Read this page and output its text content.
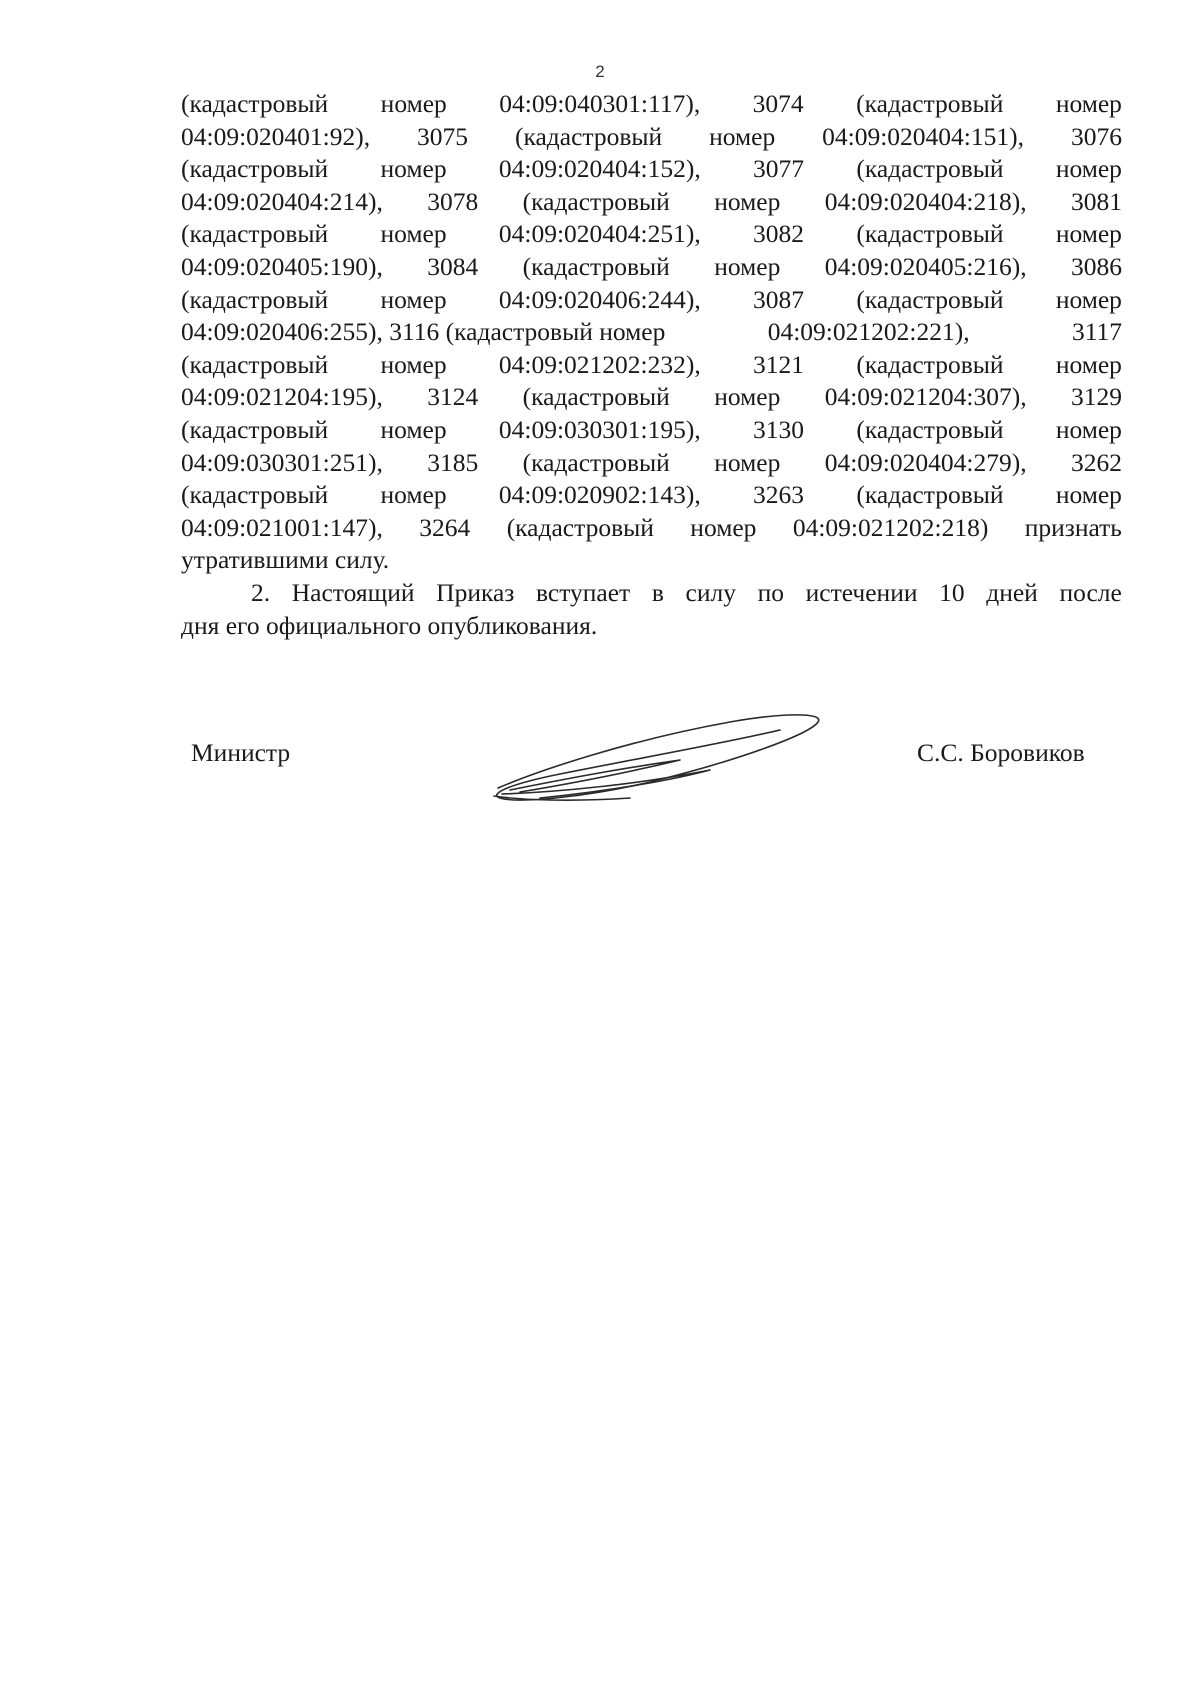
2
(кадастровый номер 04:09:040301:117), 3074 (кадастровый номер
04:09:020401:92), 3075 (кадастровый номер 04:09:020404:151), 3076
(кадастровый номер 04:09:020404:152), 3077 (кадастровый номер
04:09:020404:214), 3078 (кадастровый номер 04:09:020404:218), 3081
(кадастровый номер 04:09:020404:251), 3082 (кадастровый номер
04:09:020405:190), 3084 (кадастровый номер 04:09:020405:216), 3086
(кадастровый номер 04:09:020406:244), 3087 (кадастровый номер
04:09:020406:255), 3116 (кадастровый номер	04:09:021202:221),	3117
(кадастровый номер 04:09:021202:232), 3121 (кадастровый номер
04:09:021204:195), 3124 (кадастровый номер 04:09:021204:307), 3129
(кадастровый номер 04:09:030301:195), 3130 (кадастровый номер
04:09:030301:251), 3185 (кадастровый номер 04:09:020404:279), 3262
(кадастровый номер 04:09:020902:143), 3263 (кадастровый номер
04:09:021001:147), 3264 (кадастровый номер 04:09:021202:218) признать
утратившими силу.
2. Настоящий Приказ вступает в силу по истечении 10 дней после
дня его официального опубликования.
Министр	С.С. Боровиков
